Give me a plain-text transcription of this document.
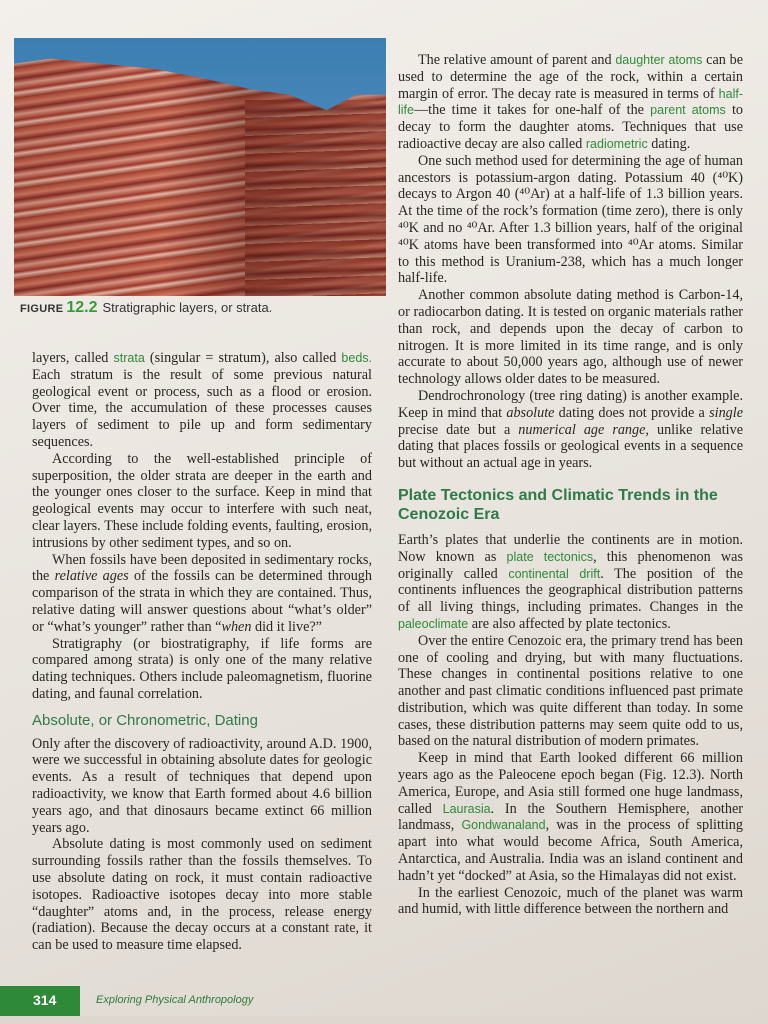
FIGURE 12.2 Stratigraphic layers, or strata.

layers, called strata (singular = stratum), also called beds. Each stratum is the result of some previous natural geological event or process, such as a flood or erosion. Over time, the accumulation of these processes causes layers of sediment to pile up and form sedimentary sequences.

According to the well-established principle of superposition, the older strata are deeper in the earth and the younger ones closer to the surface. Keep in mind that geological events may occur to interfere with such neat, clear layers. These include folding events, faulting, erosion, intrusions by other sediment types, and so on.

When fossils have been deposited in sedimentary rocks, the relative ages of the fossils can be determined through comparison of the strata in which they are contained. Thus, relative dating will answer questions about “what’s older” or “what’s younger” rather than “when did it live?”

Stratigraphy (or biostratigraphy, if life forms are compared among strata) is only one of the many relative dating techniques. Others include paleomagnetism, fluorine dating, and faunal correlation.

Absolute, or Chronometric, Dating

Only after the discovery of radioactivity, around A.D. 1900, were we successful in obtaining absolute dates for geologic events. As a result of techniques that depend upon radioactivity, we know that Earth formed about 4.6 billion years ago, and that dinosaurs became extinct 66 million years ago.

Absolute dating is most commonly used on sediment surrounding fossils rather than the fossils themselves. To use absolute dating on rock, it must contain radioactive isotopes. Radioactive isotopes decay into more stable “daughter” atoms and, in the process, release energy (radiation). Because the decay occurs at a constant rate, it can be used to measure time elapsed.

The relative amount of parent and daughter atoms can be used to determine the age of the rock, within a certain margin of error. The decay rate is measured in terms of half-life—the time it takes for one-half of the parent atoms to decay to form the daughter atoms. Techniques that use radioactive decay are also called radiometric dating.

One such method used for determining the age of human ancestors is potassium-argon dating. Potassium 40 (⁴⁰K) decays to Argon 40 (⁴⁰Ar) at a half-life of 1.3 billion years. At the time of the rock’s formation (time zero), there is only ⁴⁰K and no ⁴⁰Ar. After 1.3 billion years, half of the original ⁴⁰K atoms have been transformed into ⁴⁰Ar atoms. Similar to this method is Uranium-238, which has a much longer half-life.

Another common absolute dating method is Carbon-14, or radiocarbon dating. It is tested on organic materials rather than rock, and depends upon the decay of carbon to nitrogen. It is more limited in its time range, and is only accurate to about 50,000 years ago, although use of newer technology allows older dates to be measured.

Dendrochronology (tree ring dating) is another example. Keep in mind that absolute dating does not provide a single precise date but a numerical age range, unlike relative dating that places fossils or geological events in a sequence but without an actual age in years.

Plate Tectonics and Climatic Trends in the Cenozoic Era

Earth’s plates that underlie the continents are in motion. Now known as plate tectonics, this phenomenon was originally called continental drift. The position of the continents influences the geographical distribution patterns of all living things, including primates. Changes in the paleoclimate are also affected by plate tectonics.

Over the entire Cenozoic era, the primary trend has been one of cooling and drying, but with many fluctuations. These changes in continental positions relative to one another and past climatic conditions influenced past primate distribution, which was quite different than today. In some cases, these distribution patterns may seem quite odd to us, based on the natural distribution of modern primates.

Keep in mind that Earth looked different 66 million years ago as the Paleocene epoch began (Fig. 12.3). North America, Europe, and Asia still formed one huge landmass, called Laurasia. In the Southern Hemisphere, another landmass, Gondwanaland, was in the process of splitting apart into what would become Africa, South America, Antarctica, and Australia. India was an island continent and hadn’t yet “docked” at Asia, so the Himalayas did not exist.

In the earliest Cenozoic, much of the planet was warm and humid, with little difference between the northern and

314	Exploring Physical Anthropology
